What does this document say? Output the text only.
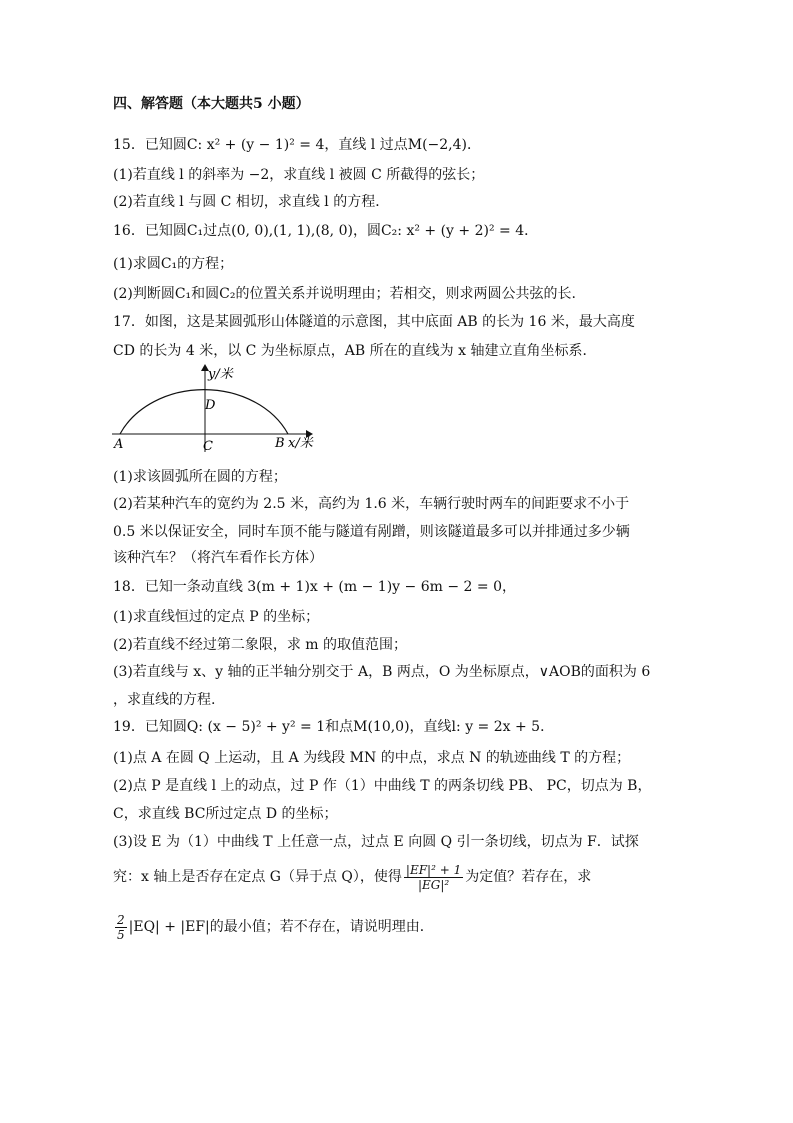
四、解答题（本大题共5 小题）
15．已知圆C: x² + (y − 1)² = 4，直线 l 过点M(−2,4)．
(1)若直线 l 的斜率为 −2，求直线 l 被圆 C 所截得的弦长；
(2)若直线 l 与圆 C 相切，求直线 l 的方程．
16．已知圆C₁过点(0, 0),(1, 1),(8, 0)，圆C₂: x² + (y + 2)² = 4．
(1)求圆C₁的方程；
(2)判断圆C₁和圆C₂的位置关系并说明理由；若相交，则求两圆公共弦的长.
17．如图，这是某圆弧形山体隧道的示意图，其中底面 AB 的长为 16 米，最大高度
CD 的长为 4 米，以 C 为坐标原点，AB 所在的直线为 x 轴建立直角坐标系．
y/米
x/米
A	B
C
D
(1)求该圆弧所在圆的方程；
(2)若某种汽车的宽约为 2.5 米，高约为 1.6 米，车辆行驶时两车的间距要求不小于
0.5 米以保证安全，同时车顶不能与隧道有剐蹭，则该隧道最多可以并排通过多少辆
该种汽车？（将汽车看作长方体）
18．已知一条动直线 3(m + 1)x + (m − 1)y − 6m − 2 = 0，
(1)求直线恒过的定点 P 的坐标；
(2)若直线不经过第二象限，求 m 的取值范围；
(3)若直线与 x、y 轴的正半轴分别交于 A，B 两点，O 为坐标原点，∨AOB的面积为 6
，求直线的方程.
19．已知圆Q: (x − 5)² + y² = 1和点M(10,0)，直线l: y = 2x + 5．
(1)点 A 在圆 Q 上运动，且 A 为线段 MN 的中点，求点 N 的轨迹曲线 T 的方程；
(2)点 P 是直线 l 上的动点，过 P 作（1）中曲线 T 的两条切线 PB、 PC，切点为 B，
C，求直线 BC所过定点 D 的坐标；
(3)设 E 为（1）中曲线 T 上任意一点，过点 E 向圆 Q 引一条切线，切点为 F．试探
究：x 轴上是否存在定点 G（异于点 Q），使得 $\frac{\text{|EF|² + 1}}{\text{|EG|²}}$ 为定值？若存在，求
$\frac{2}{5} |EQ| + |EF|$的最小值；若不存在，请说明理由．
